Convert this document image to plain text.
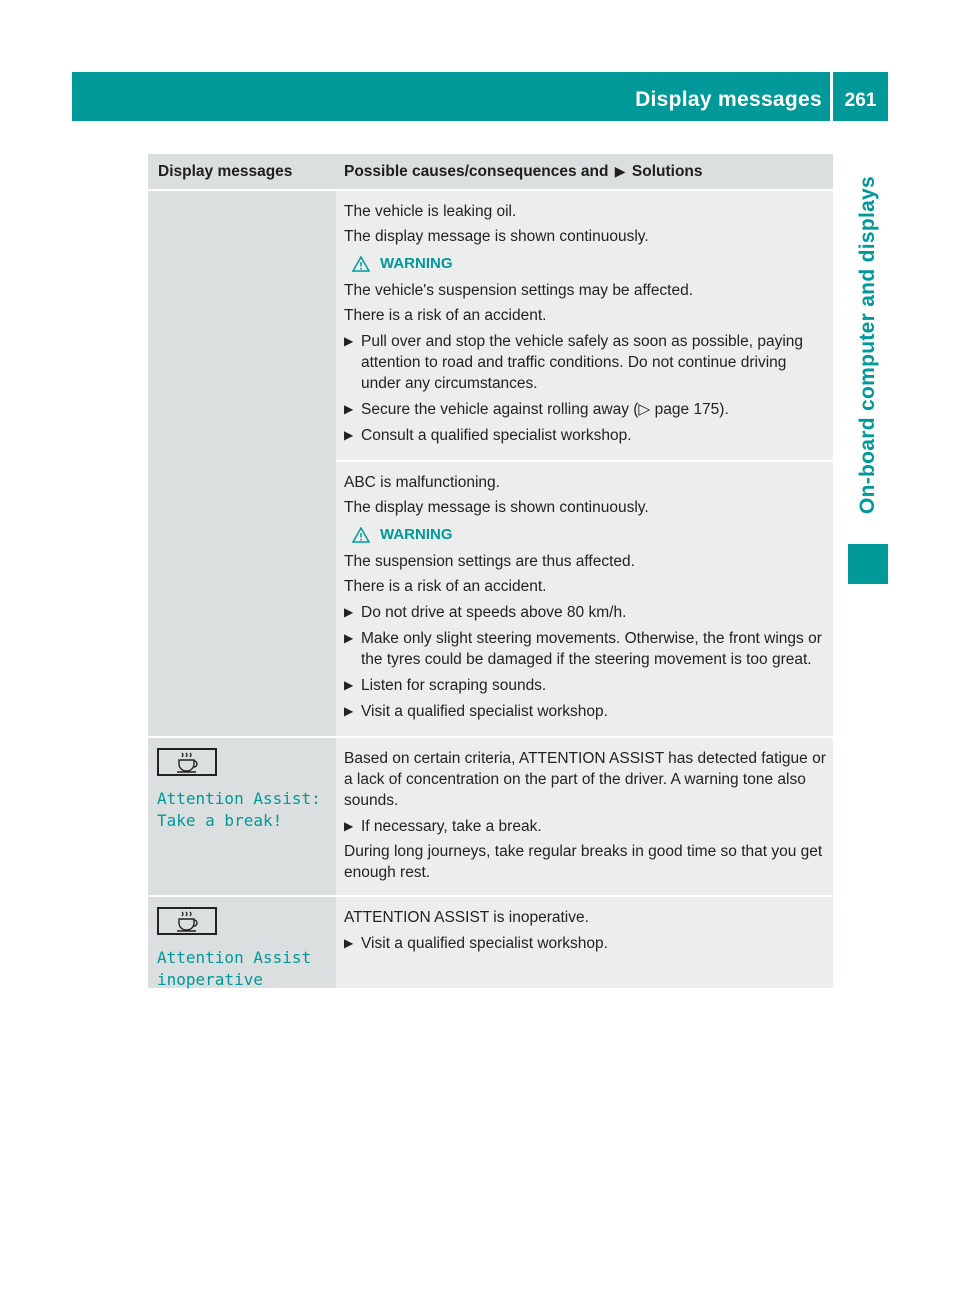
Display messages	261
On-board computer and displays
Display messages	Possible causes/consequences and ▶ Solutions

The vehicle is leaking oil.

The display message is shown continuously.

WARNING

The vehicle's suspension settings may be affected.

There is a risk of an accident.

▶ Pull over and stop the vehicle safely as soon as possible, paying attention to road and traffic conditions. Do not continue driving under any circumstances.
▶ Secure the vehicle against rolling away (▷ page 175).
▶ Consult a qualified specialist workshop.

ABC is malfunctioning.

The display message is shown continuously.

WARNING

The suspension settings are thus affected.

There is a risk of an accident.

▶ Do not drive at speeds above 80 km/h.
▶ Make only slight steering movements. Otherwise, the front wings or the tyres could be damaged if the steering movement is too great.
▶ Listen for scraping sounds.
▶ Visit a qualified specialist workshop.
Attention Assist:
Take a break!

Based on certain criteria, ATTENTION ASSIST has detected fatigue or a lack of concentration on the part of the driver. A warning tone also sounds.

▶ If necessary, take a break.

During long journeys, take regular breaks in good time so that you get enough rest.

Attention Assist
inoperative

ATTENTION ASSIST is inoperative.

▶ Visit a qualified specialist workshop.
